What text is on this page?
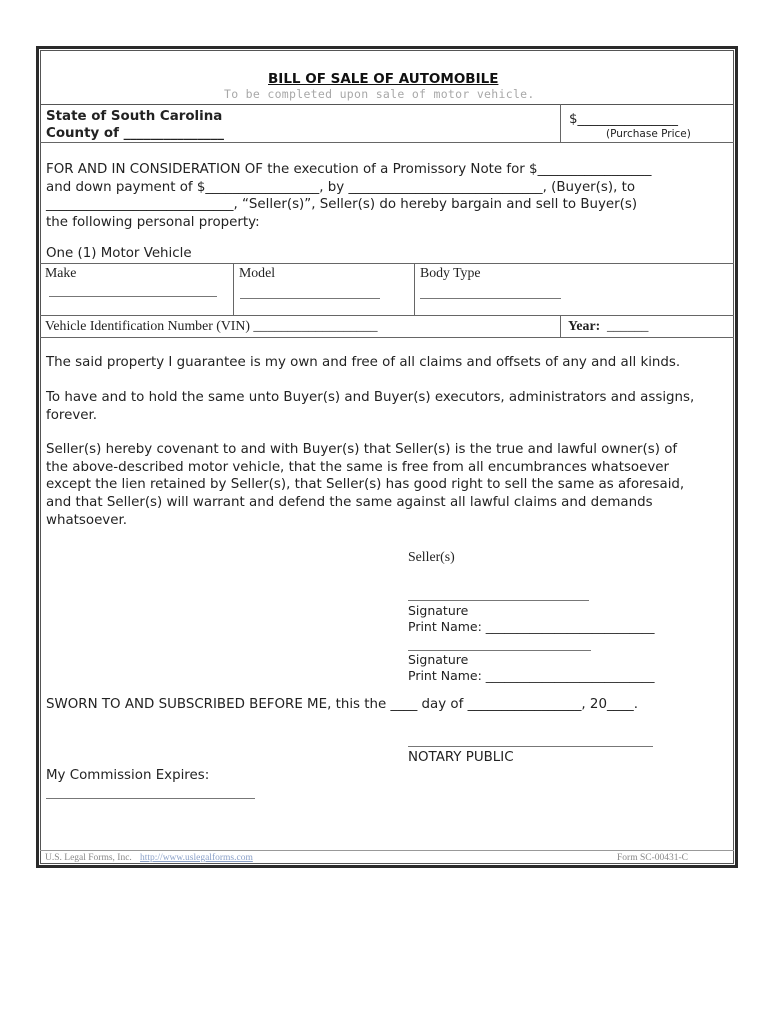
BILL OF SALE OF AUTOMOBILE
To be completed upon sale of motor vehicle.
State of South Carolina
County of _______________
$_______________
(Purchase Price)
FOR AND IN CONSIDERATION OF the execution of a Promissory Note for $_________________
and down payment of $_________________, by _____________________________, (Buyer(s), to
____________________________, “Seller(s)”, Seller(s) do hereby bargain and sell to Buyer(s)
the following personal property:
One (1) Motor Vehicle
Make	Model	Body Type
Vehicle Identification Number (VIN) __________________	Year: ______
The said property I guarantee is my own and free of all claims and offsets of any and all kinds.
To have and to hold the same unto Buyer(s) and Buyer(s) executors, administrators and assigns,
forever.
Seller(s) hereby covenant to and with Buyer(s) that Seller(s) is the true and lawful owner(s) of
the above-described motor vehicle, that the same is free from all encumbrances whatsoever
except the lien retained by Seller(s), that Seller(s) has good right to sell the same as aforesaid,
and that Seller(s) will warrant and defend the same against all lawful claims and demands
whatsoever.
Seller(s)
Signature
Print Name: ___________________________
Signature
Print Name: ___________________________
SWORN TO AND SUBSCRIBED BEFORE ME, this the ____ day of _________________, 20____.
NOTARY PUBLIC
My Commission Expires:
U.S. Legal Forms, Inc. http://www.uslegalforms.com	Form SC-00431-C
